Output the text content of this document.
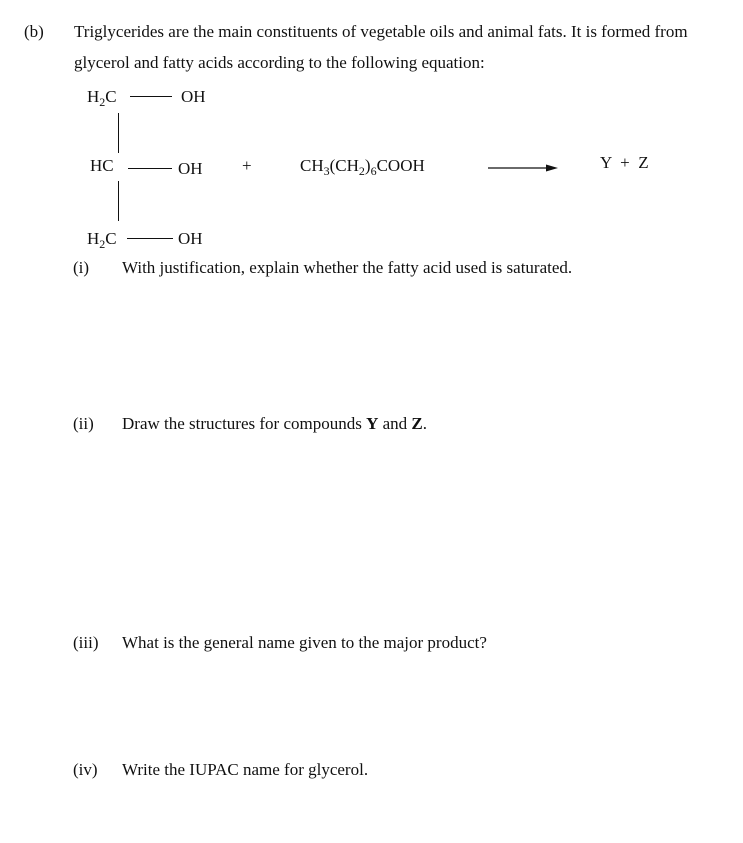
(b) Triglycerides are the main constituents of vegetable oils and animal fats. It is formed from
glycerol and fatty acids according to the following equation:
$H_2C$	OH
HC	OH
$H_2C$	OH
+	$CH_3(CH_2)_6COOH$	Y  +  Z
(i) With justification, explain whether the fatty acid used is saturated.
(ii) Draw the structures for compounds Y and Z.
(iii) What is the general name given to the major product?
(iv) Write the IUPAC name for glycerol.
